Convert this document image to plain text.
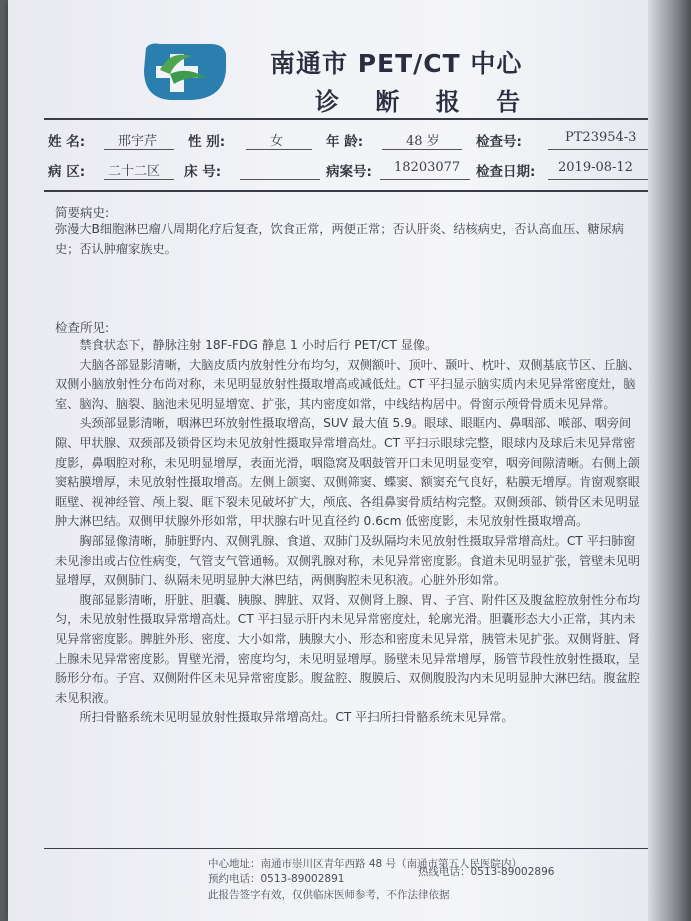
南通市 PET/CT 中心
诊 断 报 告
姓 名:	邢宇芹 性 别:	女	年 龄:	48 岁	检查号:	PT23954-3
病 区: 二十二区 床 号:	病案号: 18203077 检查日期: 2019-08-12
简要病史:

弥漫大B细胞淋巴瘤八周期化疗后复查，饮食正常，两便正常；否认肝炎、结核病史，否认高血压、糖尿病史；否认肿瘤家族史。

检查所见:

禁食状态下，静脉注射 18F-FDG 静息 1 小时后行 PET/CT 显像。

大脑各部显影清晰，大脑皮质内放射性分布均匀，双侧额叶、顶叶、颞叶、枕叶、双侧基底节区、丘脑、双侧小脑放射性分布尚对称，未见明显放射性摄取增高或减低灶。CT 平扫显示脑实质内未见异常密度灶，脑室、脑沟、脑裂、脑池未见明显增宽、扩张，其内密度如常，中线结构居中。骨窗示颅骨骨质未见异常。

头颈部显影清晰，咽淋巴环放射性摄取增高，SUV 最大值 5.9。眼球、眼眶内、鼻咽部、喉部、咽旁间隙、甲状腺、双颈部及锁骨区均未见放射性摄取异常增高灶。CT 平扫示眼球完整，眼球内及球后未见异常密度影，鼻咽腔对称，未见明显增厚，表面光滑，咽隐窝及咽鼓管开口未见明显变窄，咽旁间隙清晰。右侧上颌窦粘膜增厚，未见放射性摄取增高。左侧上颌窦、双侧筛窦、蝶窦、额窦充气良好，粘膜无增厚。肯窗观察眼眶壁、视神经管、颅上裂、眶下裂未见破坏扩大，颅底、各组鼻窦骨质结构完整。双侧颈部、锁骨区未见明显肿大淋巴结。双侧甲状腺外形如常，甲状腺右叶见直径约 0.6cm 低密度影，未见放射性摄取增高。

胸部显像清晰，肺脏野内、双侧乳腺、食道、双肺门及纵隔均未见放射性摄取异常增高灶。CT 平扫肺窗未见渗出或占位性病变，气管支气管通畅。双侧乳腺对称，未见异常密度影。食道未见明显扩张，管壁未见明显增厚，双侧肺门、纵隔未见明显肿大淋巴结，两侧胸腔未见积液。心脏外形如常。

腹部显影清晰，肝脏、胆囊、胰腺、脾脏、双肾、双侧肾上腺、胃、子宫、附件区及腹盆腔放射性分布均匀，未见放射性摄取异常增高灶。CT 平扫显示肝内未见异常密度灶，轮廓光滑。胆囊形态大小正常，其内未见异常密度影。脾脏外形、密度、大小如常，胰腺大小、形态和密度未见异常，胰管未见扩张。双侧肾脏、肾上腺未见异常密度影。胃壁光滑，密度均匀，未见明显增厚。肠壁未见异常增厚，肠管节段性放射性摄取，呈肠形分布。子宫、双侧附件区未见异常密度影。腹盆腔、腹膜后、双侧腹股沟内未见明显肿大淋巴结。腹盆腔未见积液。

所扫骨骼系统未见明显放射性摄取异常增高灶。CT 平扫所扫骨骼系统未见异常。

中心地址：南通市崇川区青年西路 48 号（南通市第五人民医院内）
预约电话：0513-89002891
热线电话：0513-89002896
此报告签字有效，仅供临床医师参考，不作法律依据
